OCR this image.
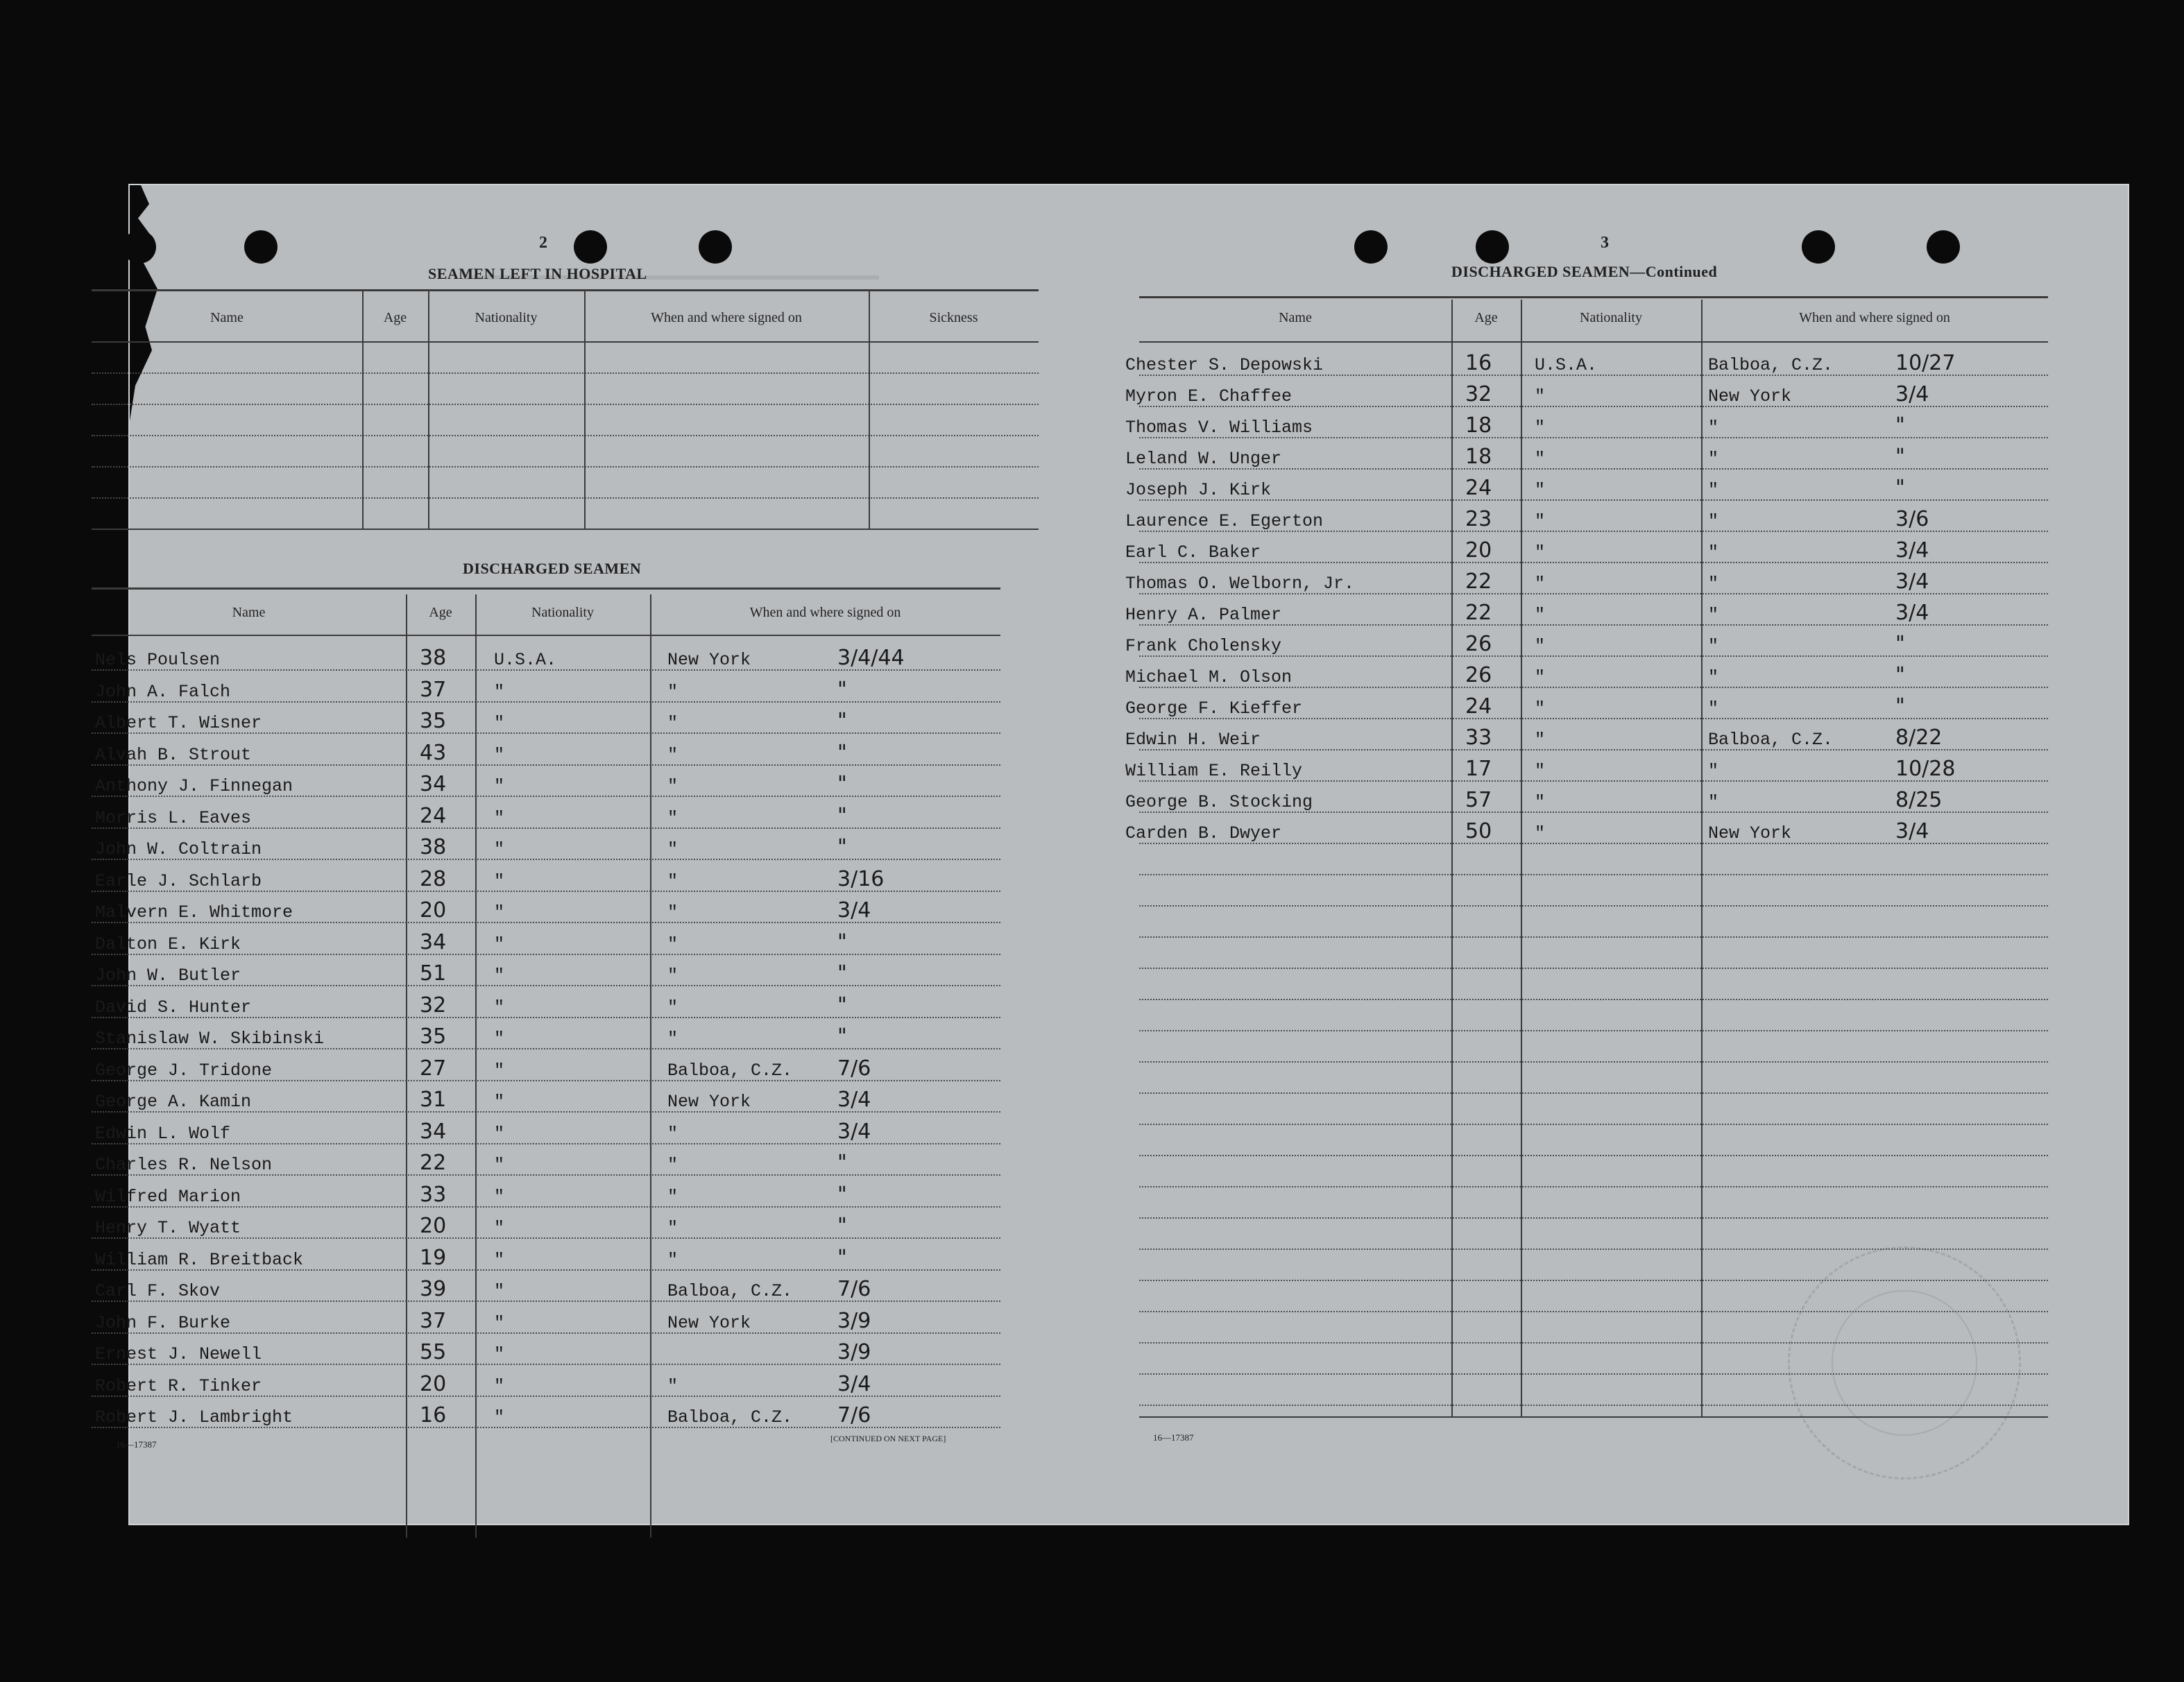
2
SEAMEN LEFT IN HOSPITAL
Name	Age	Nationality	When and where signed on	Sickness
DISCHARGED SEAMEN
Name	Age	Nationality	When and where signed on
Nels Poulsen	38	U.S.A.	New York	3/4/44
John A. Falch	37	"	"	"
Albert T. Wisner	35	"	"	"
Alvah B. Strout	43	"	"	"
Anthony J. Finnegan	34	"	"	"
Morris L. Eaves	24	"	"	"
John W. Coltrain	38	"	"	"
Earle J. Schlarb	28	"	"	3/16
Malvern E. Whitmore	20	"	"	3/4
Dalton E. Kirk	34	"	"	"
John W. Butler	51	"	"	"
David S. Hunter	32	"	"	"
Stanislaw W. Skibinski	35	"	"	"
George J. Tridone	27	"	Balboa, C.Z. 7/6
George A. Kamin	31	"	New York	3/4
Edwin L. Wolf	34	"	"	3/4
Charles R. Nelson	22	"	"	"
Wilfred Marion	33	"	"	"
Henry T. Wyatt	20	"	"	"
William R. Breitback	19	"	"	"
Carl F. Skov	39	"	Balboa, C.Z. 7/6
John F. Burke	37	"	New York	3/9
Ernest J. Newell	55	"	3/9
Robert R. Tinker	20	"	"	3/4
Robert J. Lambright	16	"	Balboa, C.Z. 7/6
16—17387
[CONTINUED ON NEXT PAGE]
3
DISCHARGED SEAMEN—Continued
Name	Age	Nationality	When and where signed on
Chester S. Depowski	16 U.S.A.	Balboa, C.Z.	10/27
Myron E. Chaffee	32 "	New York	3/4
Thomas V. Williams	18 "	"	"
Leland W. Unger	18 "	"	"
Joseph J. Kirk	24 "	"	"
Laurence E. Egerton	23 "	"	3/6
Earl C. Baker	20 "	"	3/4
Thomas O. Welborn, Jr.	22 "	"	3/4
Henry A. Palmer	22 "	"	3/4
Frank Cholensky	26 "	"	"
Michael M. Olson	26 "	"	"
George F. Kieffer	24 "	"	"
Edwin H. Weir	33 "	Balboa, C.Z.	8/22
William E. Reilly	17 "	"	10/28
George B. Stocking	57 "	"	8/25
Carden B. Dwyer	50 "	New York	3/4
16—17387
